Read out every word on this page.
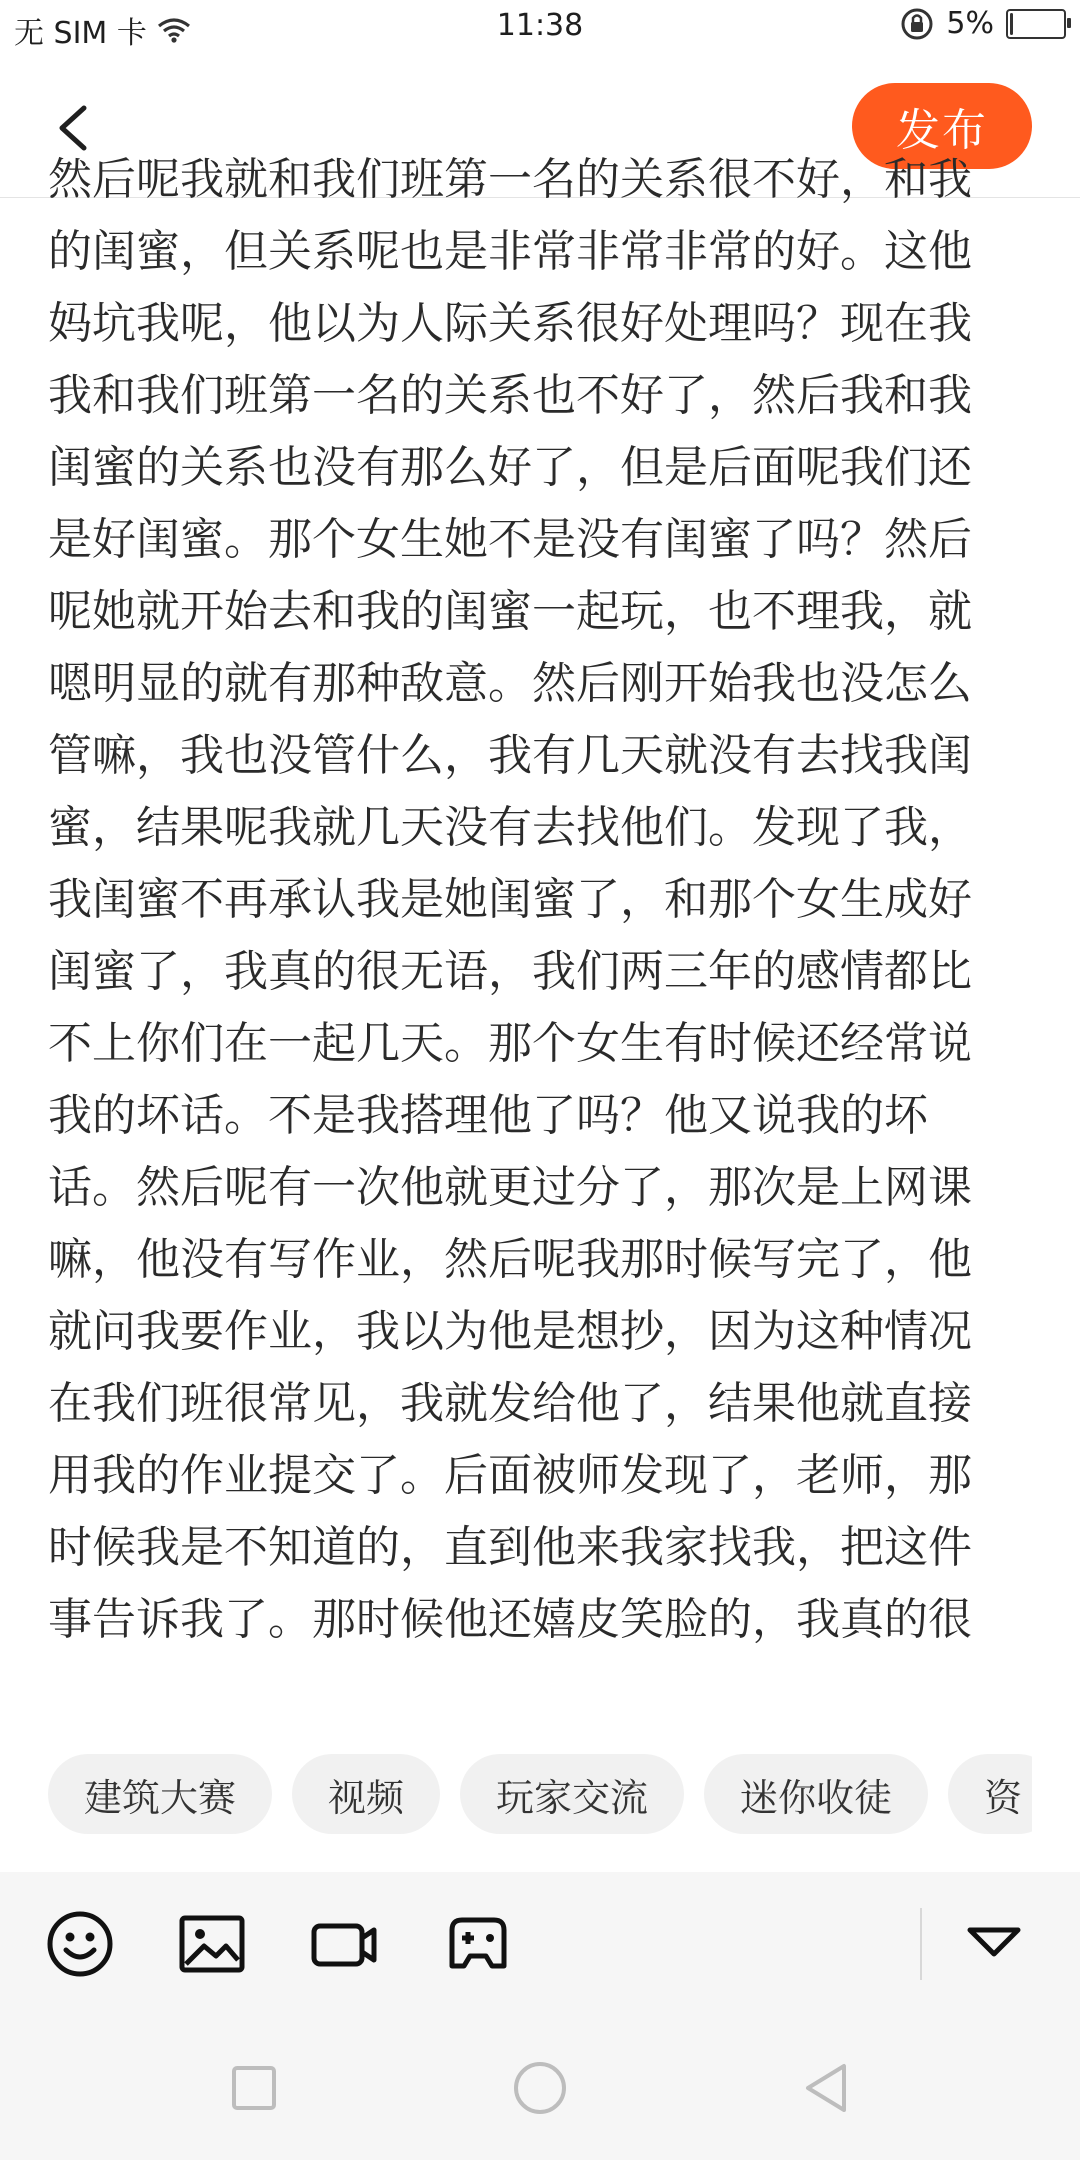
无 SIM 卡	11:38	5%
发布
然后呢我就和我们班第一名的关系很不好，和我的闺蜜，但关系呢也是非常非常非常的好。这他妈坑我呢，他以为人际关系很好处理吗？现在我我和我们班第一名的关系也不好了，然后我和我闺蜜的关系也没有那么好了，但是后面呢我们还是好闺蜜。那个女生她不是没有闺蜜了吗？然后呢她就开始去和我的闺蜜一起玩，也不理我，就嗯明显的就有那种敌意。然后刚开始我也没怎么管嘛，我也没管什么，我有几天就没有去找我闺蜜，结果呢我就几天没有去找他们。发现了我，我闺蜜不再承认我是她闺蜜了，和那个女生成好闺蜜了，我真的很无语，我们两三年的感情都比不上你们在一起几天。那个女生有时候还经常说我的坏话。不是我搭理他了吗？他又说我的坏话。然后呢有一次他就更过分了，那次是上网课嘛，他没有写作业，然后呢我那时候写完了，他就问我要作业，我以为他是想抄，因为这种情况在我们班很常见，我就发给他了，结果他就直接用我的作业提交了。后面被师发现了，老师，那时候我是不知道的，直到他来我家找我，把这件事告诉我了。那时候他还嬉皮笑脸的，我真的很
建筑大赛	视频	玩家交流	迷你收徒	资
